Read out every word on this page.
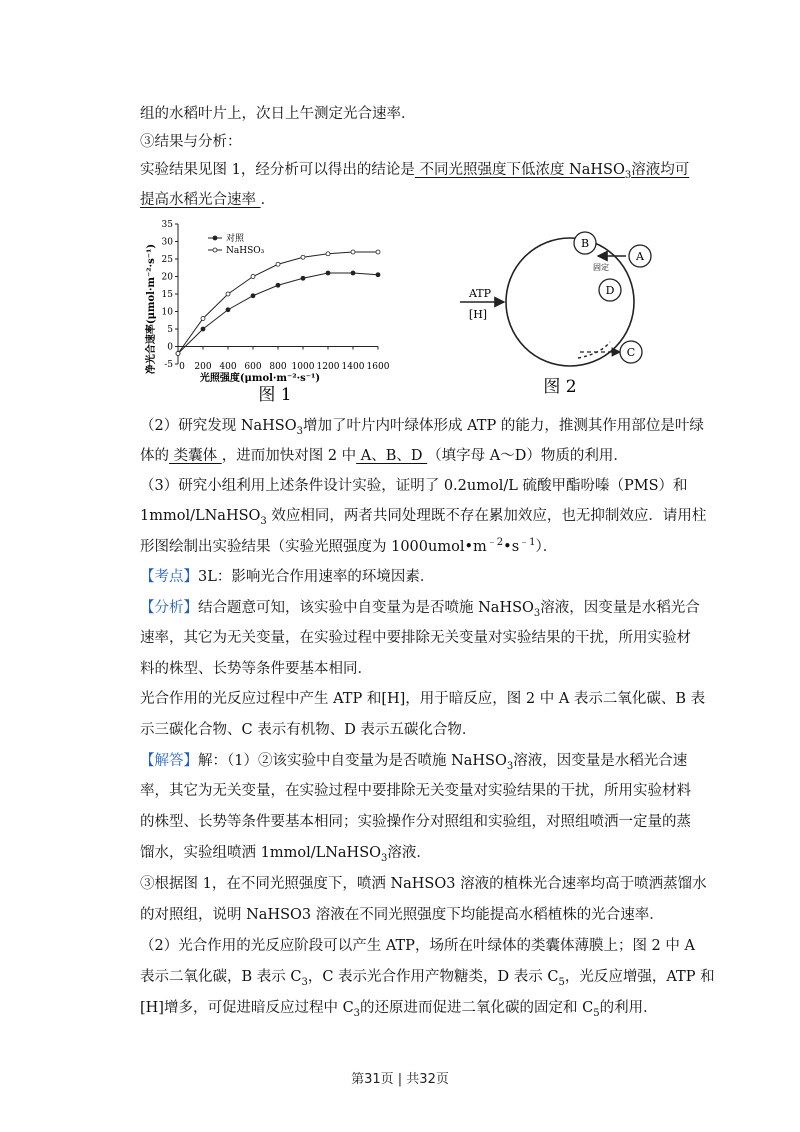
组的水稻叶片上，次日上午测定光合速率．
③结果与分析：
实验结果见图 1，经分析可以得出的结论是 不同光照强度下低浓度 NaHSO$_3$溶液均可
提高水稻光合速率 ．
-5
0
5
10
15
20
25
30
35
0 200 400 600 800 1000 1200 1400 1600
对照
NaHSO₃
光照强度(μmol·m⁻²·s⁻¹)
净光合速率(μmol·m⁻²·s⁻¹)
图 1
ATP
[H]
固定
B
A
D
C
图 2
（2）研究发现 NaHSO$_3$增加了叶片内叶绿体形成 ATP 的能力，推测其作用部位是叶绿
体的 类囊体 ，进而加快对图 2 中 A、B、D （填字母 A～D）物质的利用．
（3）研究小组利用上述条件设计实验，证明了 0.2umol/L 硫酸甲酯吩嗪（PMS）和
1mmol/LNaHSO$_3$ 效应相同，两者共同处理既不存在累加效应，也无抑制效应．请用柱
形图绘制出实验结果（实验光照强度为 $1000umol•m^{﹣2}•s^{﹣1}$）．
【考点】3L：影响光合作用速率的环境因素．
【分析】结合题意可知，该实验中自变量为是否喷施 NaHSO$_3$溶液，因变量是水稻光合
速率，其它为无关变量，在实验过程中要排除无关变量对实验结果的干扰，所用实验材
料的株型、长势等条件要基本相同．
光合作用的光反应过程中产生 ATP 和[H]，用于暗反应，图 2 中 A 表示二氧化碳、B 表
示三碳化合物、C 表示有机物、D 表示五碳化合物．
【解答】解：（1）②该实验中自变量为是否喷施 NaHSO$_3$溶液，因变量是水稻光合速
率，其它为无关变量，在实验过程中要排除无关变量对实验结果的干扰，所用实验材料
的株型、长势等条件要基本相同；实验操作分对照组和实验组，对照组喷洒一定量的蒸
馏水，实验组喷洒 1mmol/LNaHSO$_3$溶液．
③根据图 1，在不同光照强度下，喷洒 NaHSO3 溶液的植株光合速率均高于喷洒蒸馏水
的对照组，说明 NaHSO3 溶液在不同光照强度下均能提高水稻植株的光合速率．
（2）光合作用的光反应阶段可以产生 ATP，场所在叶绿体的类囊体薄膜上；图 2 中 A
表示二氧化碳，B 表示 $C_3$，C 表示光合作用产物糖类，D 表示 $C_5$，光反应增强，ATP 和
[H]增多，可促进暗反应过程中 $C_3$的还原进而促进二氧化碳的固定和 $C_5$的利用．
第31页 | 共32页
